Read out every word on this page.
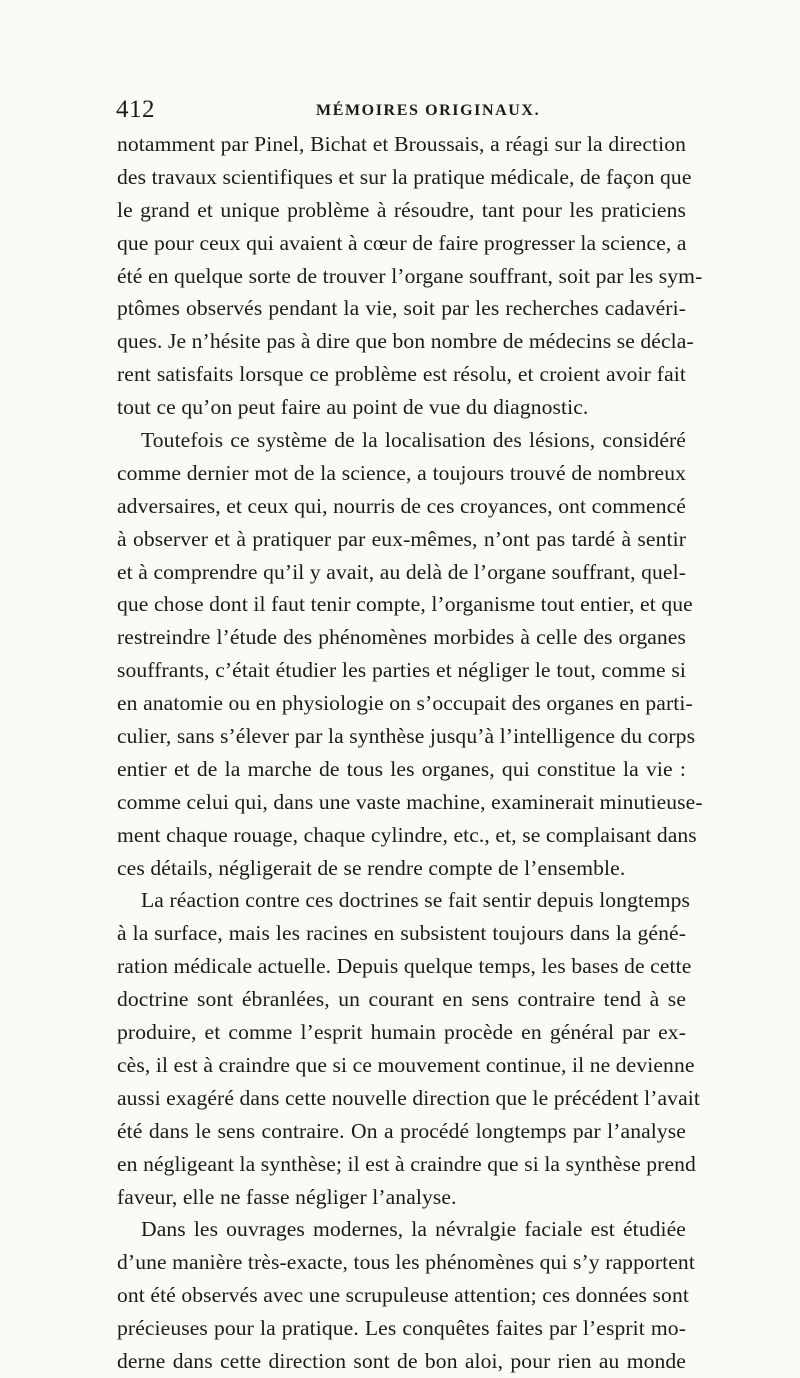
412	MÉMOIRES ORIGINAUX.
notamment par Pinel, Bichat et Broussais, a réagi sur la direction
des travaux scientifiques et sur la pratique médicale, de façon que
le grand et unique problème à résoudre, tant pour les praticiens
que pour ceux qui avaient à cœur de faire progresser la science, a
été en quelque sorte de trouver l’organe souffrant, soit par les sym-
ptômes observés pendant la vie, soit par les recherches cadavéri-
ques. Je n’hésite pas à dire que bon nombre de médecins se décla-
rent satisfaits lorsque ce problème est résolu, et croient avoir fait
tout ce qu’on peut faire au point de vue du diagnostic.
Toutefois ce système de la localisation des lésions, considéré
comme dernier mot de la science, a toujours trouvé de nombreux
adversaires, et ceux qui, nourris de ces croyances, ont commencé
à observer et à pratiquer par eux-mêmes, n’ont pas tardé à sentir
et à comprendre qu’il y avait, au delà de l’organe souffrant, quel-
que chose dont il faut tenir compte, l’organisme tout entier, et que
restreindre l’étude des phénomènes morbides à celle des organes
souffrants, c’était étudier les parties et négliger le tout, comme si
en anatomie ou en physiologie on s’occupait des organes en parti-
culier, sans s’élever par la synthèse jusqu’à l’intelligence du corps
entier et de la marche de tous les organes, qui constitue la vie :
comme celui qui, dans une vaste machine, examinerait minutieuse-
ment chaque rouage, chaque cylindre, etc., et, se complaisant dans
ces détails, négligerait de se rendre compte de l’ensemble.
La réaction contre ces doctrines se fait sentir depuis longtemps
à la surface, mais les racines en subsistent toujours dans la géné-
ration médicale actuelle. Depuis quelque temps, les bases de cette
doctrine sont ébranlées, un courant en sens contraire tend à se
produire, et comme l’esprit humain procède en général par ex-
cès, il est à craindre que si ce mouvement continue, il ne devienne
aussi exagéré dans cette nouvelle direction que le précédent l’avait
été dans le sens contraire. On a procédé longtemps par l’analyse
en négligeant la synthèse; il est à craindre que si la synthèse prend
faveur, elle ne fasse négliger l’analyse.
Dans les ouvrages modernes, la névralgie faciale est étudiée
d’une manière très-exacte, tous les phénomènes qui s’y rapportent
ont été observés avec une scrupuleuse attention; ces données sont
précieuses pour la pratique. Les conquêtes faites par l’esprit mo-
derne dans cette direction sont de bon aloi, pour rien au monde
